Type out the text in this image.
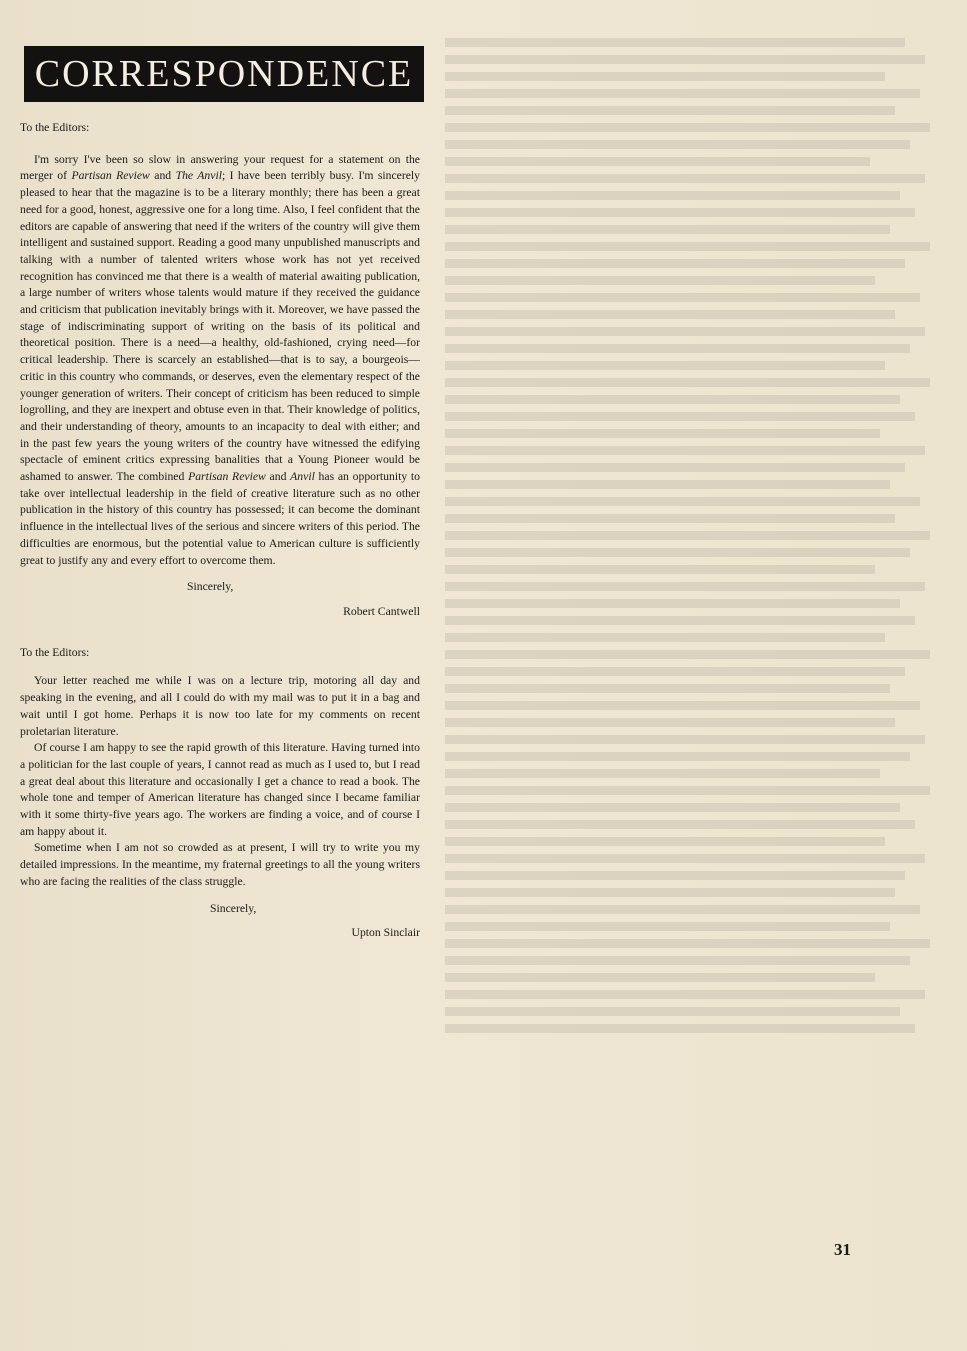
CORRESPONDENCE
To the Editors:

I'm sorry I've been so slow in answering your request for a statement on the merger of Partisan Review and The Anvil; I have been terribly busy. I'm sincerely pleased to hear that the magazine is to be a literary monthly; there has been a great need for a good, honest, aggressive one for a long time. Also, I feel confident that the editors are capable of answering that need if the writers of the country will give them intelligent and sustained support. Reading a good many unpublished manuscripts and talking with a number of talented writers whose work has not yet received recognition has convinced me that there is a wealth of material awaiting publication, a large number of writers whose talents would mature if they received the guidance and criticism that publication inevitably brings with it. Moreover, we have passed the stage of indiscriminating support of writing on the basis of its political and theoretical position. There is a need—a healthy, old-fashioned, crying need—for critical leadership. There is scarcely an established—that is to say, a bourgeois—critic in this country who commands, or deserves, even the elementary respect of the younger generation of writers. Their concept of criticism has been reduced to simple logrolling, and they are inexpert and obtuse even in that. Their knowledge of politics, and their understanding of theory, amounts to an incapacity to deal with either; and in the past few years the young writers of the country have witnessed the edifying spectacle of eminent critics expressing banalities that a Young Pioneer would be ashamed to answer. The combined Partisan Review and Anvil has an opportunity to take over intellectual leadership in the field of creative literature such as no other publication in the history of this country has possessed; it can become the dominant influence in the intellectual lives of the serious and sincere writers of this period. The difficulties are enormous, but the potential value to American culture is sufficiently great to justify any and every effort to overcome them.

Sincerely,
Robert Cantwell
To the Editors:

Your letter reached me while I was on a lecture trip, motoring all day and speaking in the evening, and all I could do with my mail was to put it in a bag and wait until I got home. Perhaps it is now too late for my comments on recent proletarian literature.

Of course I am happy to see the rapid growth of this literature. Having turned into a politician for the last couple of years, I cannot read as much as I used to, but I read a great deal about this literature and occasionally I get a chance to read a book. The whole tone and temper of American literature has changed since I became familiar with it some thirty-five years ago. The workers are finding a voice, and of course I am happy about it.

Sometime when I am not so crowded as at present, I will try to write you my detailed impressions. In the meantime, my fraternal greetings to all the young writers who are facing the realities of the class struggle.

Sincerely,
Upton Sinclair
31
